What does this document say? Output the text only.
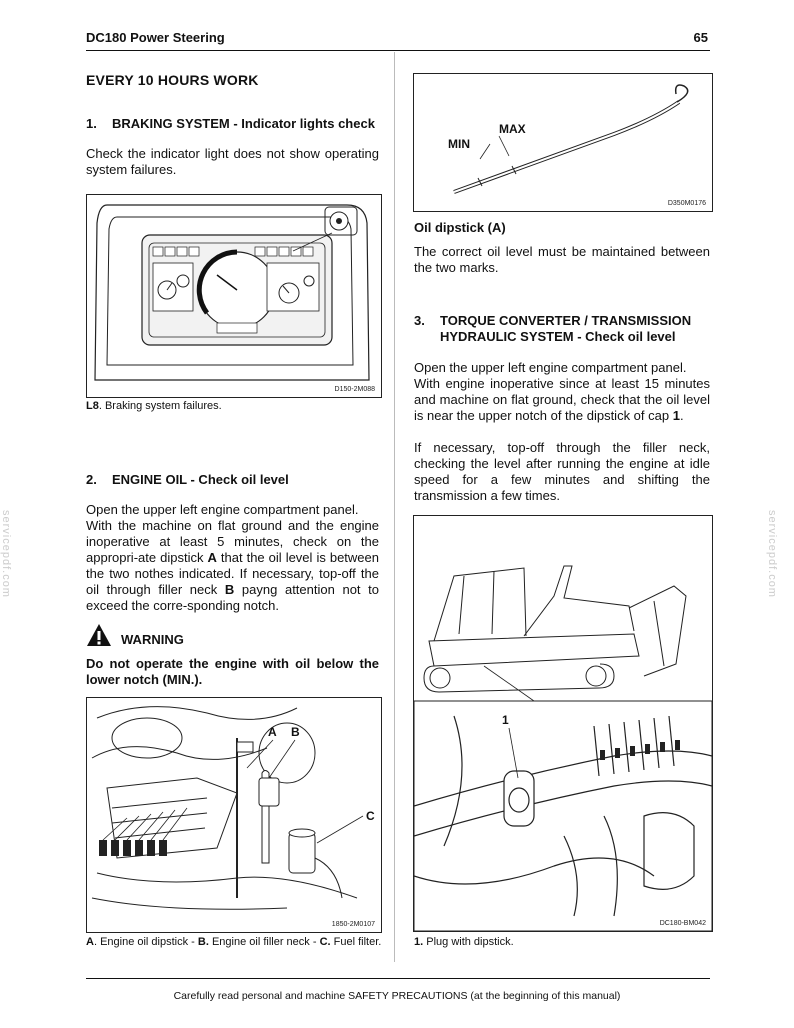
DC180 Power Steering	65
EVERY 10 HOURS WORK
1. BRAKING SYSTEM - Indicator lights check

Check the indicator light does not show operating system failures.

D150-2M088
L8. Braking system failures.
2. ENGINE OIL - Check oil level

Open the upper left engine compartment panel.

With the machine on flat ground and the engine inoperative at least 5 minutes, check on the appropri-ate dipstick A that the oil level is between the two nothes indicated. If necessary, top-off the oil through filler neck B payng attention not to exceed the corre-sponding notch.

WARNING
Do not operate the engine with oil below the lower notch (MIN.).
A B
C
1850-2M0107
A. Engine oil dipstick - B. Engine oil filler neck - C. Fuel filter.
MIN
MAX
D350M0176
Oil dipstick (A)
The correct oil level must be maintained between the two marks.
3. TORQUE CONVERTER / TRANSMISSION
HYDRAULIC SYSTEM - Check oil level

Open the upper left engine compartment panel.

With engine inoperative since at least 15 minutes and machine on flat ground, check that the oil level is near the upper notch of the dipstick of cap 1.

If necessary, top-off through the filler neck, checking the level after running the engine at idle speed for a few minutes and shifting the transmission a few times.

1
DC180-BM042
1. Plug with dipstick.
servicepdf.com	servicepdf.com
Carefully read personal and machine SAFETY PRECAUTIONS (at the beginning of this manual)
